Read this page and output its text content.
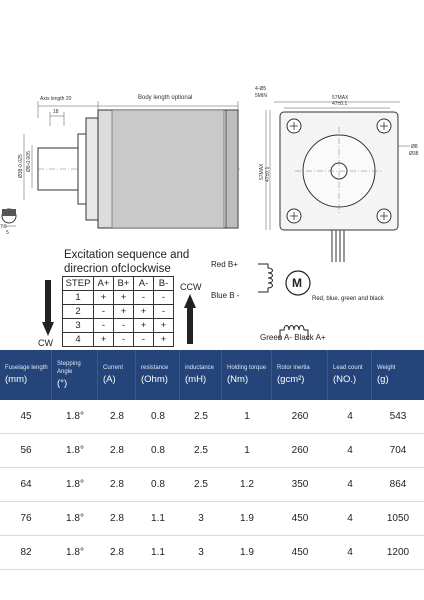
Axis length 20	Body length optional
18
Ø8-0.005
Ø38-0.025
7.5
5
4-Ø5
5MIN	57MAX
47±0.1
57MAX 47±0.1
Ø8
Ø38
Excitation sequence and
direcrion ofcIockwise
STEP	A+	B+	A-	B-
1	+	+	-	-
2	-	+	+	-
3	-	-	+	+
4	+	-	-	+
CW
CCW	M
Red B+
Blue B -	Red, blue, green and black
Green A- Black A+
Fuselage length
(mm)
Stepping Angle
(°)
Current
(A)
resistance
(Ohm)
inductance
(mH)
Holding torque
(Nm)
Rotor inertia
(gcm²)
Lead count
(NO.)
Weight
(g)
45	1.8°	2.8	0.8	2.5	1	260	4	543
56	1.8°	2.8	0.8	2.5	1	260	4	704
64	1.8°	2.8	0.8	2.5	1.2	350	4	864
76	1.8°	2.8	1.1	3	1.9	450	4	1050
82	1.8°	2.8	1.1	3	1.9	450	4	1200
